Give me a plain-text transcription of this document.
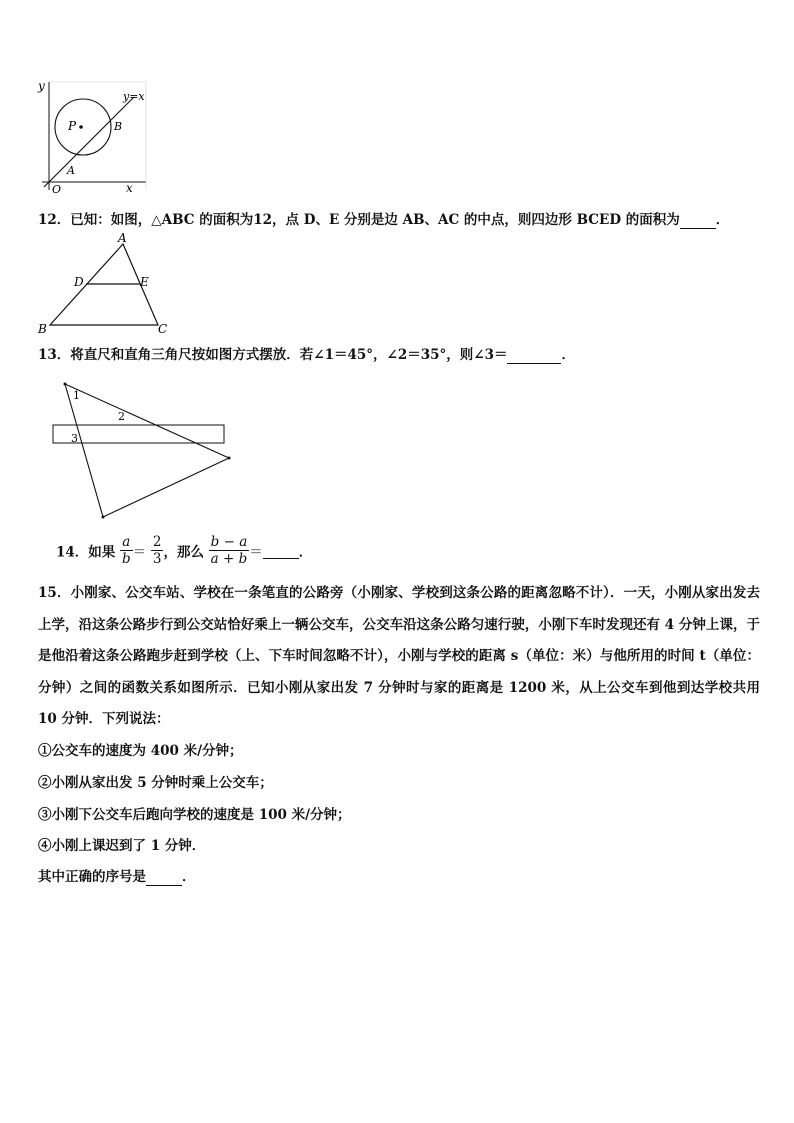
y
x
O
y=x
P
A
B
12．已知：如图，△ABC 的面积为12，点 D、E 分别是边 AB、AC 的中点，则四边形 BCED 的面积为	．
A
B	C
D	E
13．将直尺和直角三角尺按如图方式摆放．若∠1＝45°，∠2＝35°，则∠3＝	．
1
2
3
14．如果 $\frac{a}{b} = \frac{2}{3}$ ，那么 $\frac{b - a}{a + b}$ ＝	．
15．小刚家、公交车站、学校在一条笔直的公路旁（小刚家、学校到这条公路的距离忽略不计）．一天，小刚从家出发去上学，沿这条公路步行到公交站恰好乘上一辆公交车，公交车沿这条公路匀速行驶，小刚下车时发现还有 4 分钟上课，于是他沿着这条公路跑步赶到学校（上、下车时间忽略不计），小刚与学校的距离 s（单位：米）与他所用的时间 t（单位：分钟）之间的函数关系如图所示．已知小刚从家出发 7 分钟时与家的距离是 1200 米，从上公交车到他到达学校共用 10 分钟．下列说法：
①公交车的速度为 400 米/分钟；
②小刚从家出发 5 分钟时乘上公交车；
③小刚下公交车后跑向学校的速度是 100 米/分钟；
④小刚上课迟到了 1 分钟．
其中正确的序号是	．
